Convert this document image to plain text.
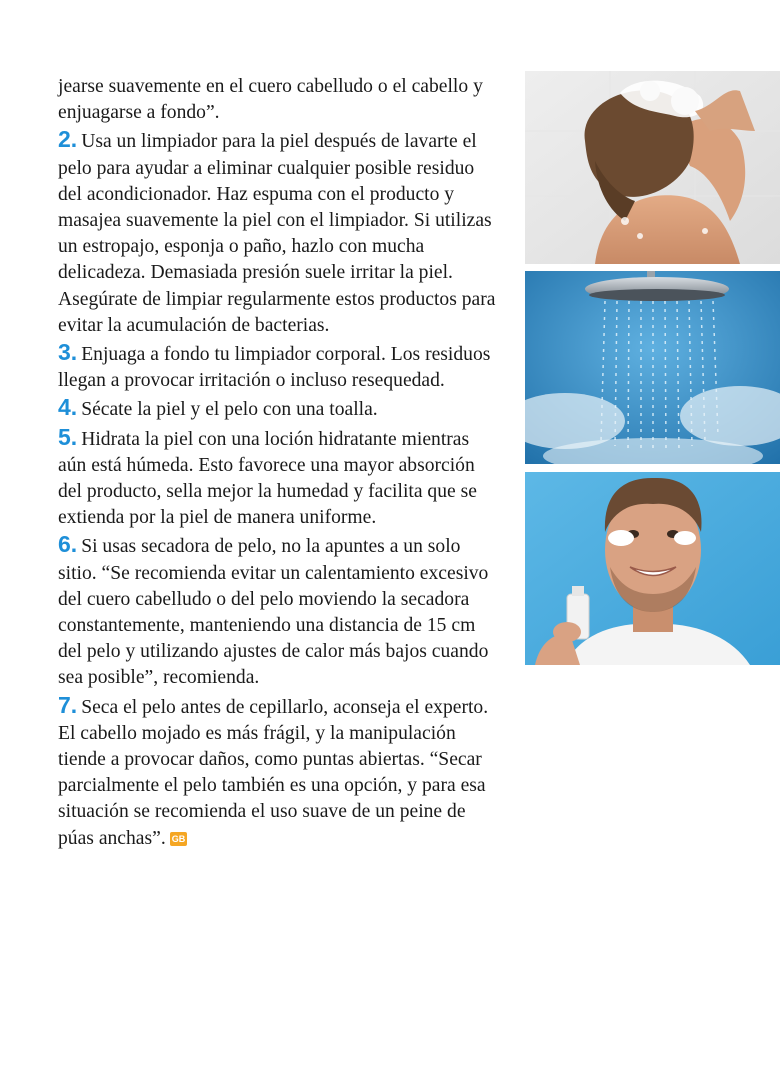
jearse suavemente en el cuero cabelludo o el cabello y enjuagarse a fondo”.

2. Usa un limpiador para la piel después de lavarte el pelo para ayudar a eliminar cualquier posible residuo del acondicionador. Haz espuma con el producto y masajea suavemente la piel con el limpiador. Si utilizas un estropajo, esponja o paño, hazlo con mucha delicadeza. Demasiada presión suele irritar la piel. Asegúrate de limpiar regularmente estos productos para evitar la acumulación de bacterias.

3. Enjuaga a fondo tu limpiador corporal. Los residuos llegan a provocar irritación o incluso resequedad.

4. Sécate la piel y el pelo con una toalla.

5. Hidrata la piel con una loción hidratante mientras aún está húmeda. Esto favorece una mayor absorción del producto, sella mejor la humedad y facilita que se extienda por la piel de manera uniforme.

6. Si usas secadora de pelo, no la apuntes a un solo sitio. “Se recomienda evitar un calentamiento excesivo del cuero cabelludo o del pelo moviendo la secadora constantemente, manteniendo una distancia de 15 cm del pelo y utilizando ajustes de calor más bajos cuando sea posible”, recomienda.

7. Seca el pelo antes de cepillarlo, aconseja el experto. El cabello mojado es más frágil, y la manipulación tiende a provocar daños, como puntas abiertas. “Secar parcialmente el pelo también es una opción, y para esa situación se recomienda el uso suave de un peine de púas anchas”. GB
